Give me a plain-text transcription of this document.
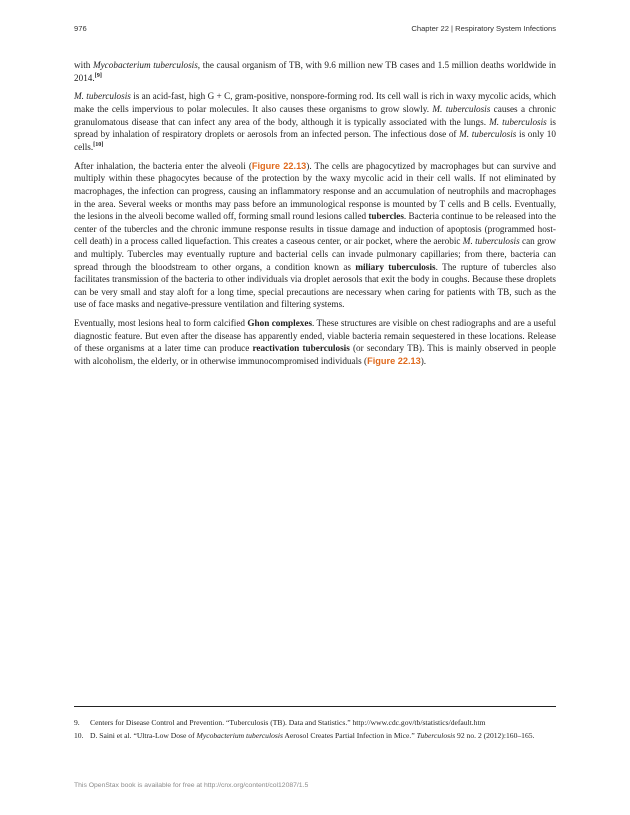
976	Chapter 22 | Respiratory System Infections

with Mycobacterium tuberculosis, the causal organism of TB, with 9.6 million new TB cases and 1.5 million deaths worldwide in 2014.[9]

M. tuberculosis is an acid-fast, high G + C, gram-positive, nonspore-forming rod. Its cell wall is rich in waxy mycolic acids, which make the cells impervious to polar molecules. It also causes these organisms to grow slowly. M. tuberculosis causes a chronic granulomatous disease that can infect any area of the body, although it is typically associated with the lungs. M. tuberculosis is spread by inhalation of respiratory droplets or aerosols from an infected person. The infectious dose of M. tuberculosis is only 10 cells.[10]

After inhalation, the bacteria enter the alveoli (Figure 22.13). The cells are phagocytized by macrophages but can survive and multiply within these phagocytes because of the protection by the waxy mycolic acid in their cell walls. If not eliminated by macrophages, the infection can progress, causing an inflammatory response and an accumulation of neutrophils and macrophages in the area. Several weeks or months may pass before an immunological response is mounted by T cells and B cells. Eventually, the lesions in the alveoli become walled off, forming small round lesions called tubercles. Bacteria continue to be released into the center of the tubercles and the chronic immune response results in tissue damage and induction of apoptosis (programmed host-cell death) in a process called liquefaction. This creates a caseous center, or air pocket, where the aerobic M. tuberculosis can grow and multiply. Tubercles may eventually rupture and bacterial cells can invade pulmonary capillaries; from there, bacteria can spread through the bloodstream to other organs, a condition known as miliary tuberculosis. The rupture of tubercles also facilitates transmission of the bacteria to other individuals via droplet aerosols that exit the body in coughs. Because these droplets can be very small and stay aloft for a long time, special precautions are necessary when caring for patients with TB, such as the use of face masks and negative-pressure ventilation and filtering systems.

Eventually, most lesions heal to form calcified Ghon complexes. These structures are visible on chest radiographs and are a useful diagnostic feature. But even after the disease has apparently ended, viable bacteria remain sequestered in these locations. Release of these organisms at a later time can produce reactivation tuberculosis (or secondary TB). This is mainly observed in people with alcoholism, the elderly, or in otherwise immunocompromised individuals (Figure 22.13).

9. Centers for Disease Control and Prevention. “Tuberculosis (TB). Data and Statistics.” http://www.cdc.gov/tb/statistics/default.htm

10. D. Saini et al. “Ultra-Low Dose of Mycobacterium tuberculosis Aerosol Creates Partial Infection in Mice.” Tuberculosis 92 no. 2 (2012):160–165.

This OpenStax book is available for free at http://cnx.org/content/col12087/1.5
